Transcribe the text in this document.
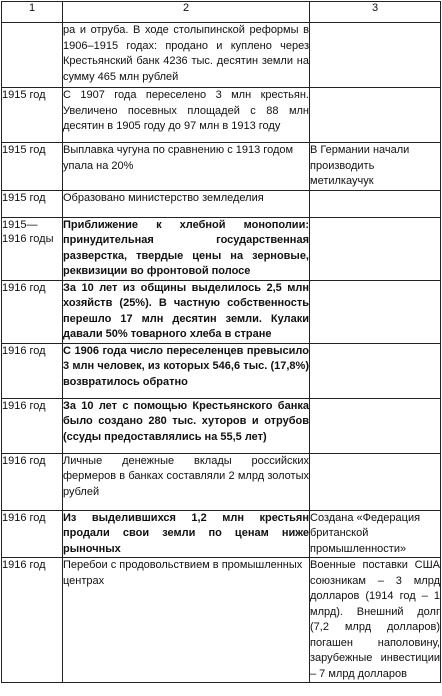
1	2	3
	ра и отруба. В ходе столыпинской реформы в 1906–1915 годах: продано и куплено через Крестьянский банк 4236 тыс. десятин земли на сумму 465 млн рублей	
1915 год	С 1907 года переселено 3 млн крестьян. Увеличено посевных площадей с 88 млн десятин в 1905 году до 97 млн в 1913 году	
1915 год	Выплавка чугуна по сравнению с 1913 годом упала на 20%	В Германии начали производить метилкаучук
1915 год	Образовано министерство земледелия	
1915— 1916 годы	Приближение к хлебной монополии: принудительная государственная разверстка, твердые цены на зерновые, реквизиции во фронтовой полосе	
1916 год	За 10 лет из общины выделилось 2,5 млн хозяйств (25%). В частную собственность перешло 17 млн десятин земли. Кулаки давали 50% товарного хлеба в стране	
1916 год	С 1906 года число переселенцев превысило 3 млн человек, из которых 546,6 тыс. (17,8%) возвратилось обратно	
1916 год	За 10 лет с помощью Крестьянского банка было создано 280 тыс. хуторов и отрубов (ссуды предоставлялись на 55,5 лет)	
1916 год	Личные денежные вклады российских фермеров в банках составляли 2 млрд золотых рублей	
1916 год	Из выделившихся 1,2 млн крестьян продали свои земли по ценам ниже рыночных	Создана «Федерация британской промышленности»
1916 год	Перебои с продовольствием в промышленных центрах	Военные поставки США союзникам – 3 млрд долларов (1914 год – 1 млрд). Внешний долг (7,2 млрд долларов) погашен наполовину, зарубежные инвестиции – 7 млрд долларов
